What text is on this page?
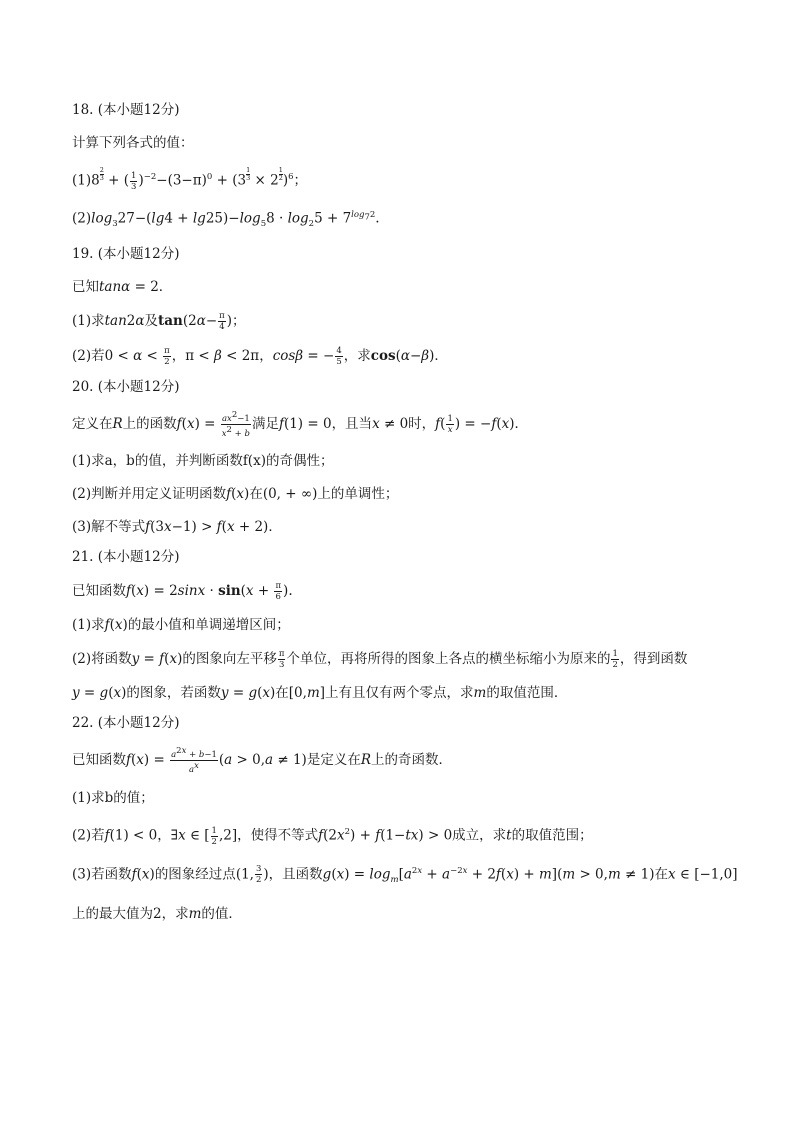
18. (本小题12分)
计算下列各式的值：
$(1)8 \frac{2}{3}$ + ( $\frac{1}{3} )^{-2}-(3-\pi)^0 + (3 \frac{1}{3} \times 2 \frac{1}{2} )^6$；
$(2)\log_327-(\lg 4 + \lg 25)-\log_58 \cdot \log_25 + 7^{log_72}$.
19. (本小题12分)
已知tanα = 2．
(1)求tan2α及$\tan(2\alpha- \frac{\pi}{4}$ )；
(2)若$0 < \alpha < \frac{\pi}{2}$ ，π < β < 2π，cosβ = − $\frac{4}{5}$ ，求cos(α−β)．
20. (本小题12分)
定义在R上的函数$f(x) = \frac{ax^2-1}{x^2 + b}$ 满足f(1) = 0，且当x ≠ 0时，$f( \frac{1}{x}$ ) = −f(x)．
(1)求a，b的值，并判断函数f(x)的奇偶性；
(2)判断并用定义证明函数f(x)在(0, + ∞)上的单调性；
(3)解不等式f(3x−1) > f(x + 2)．
21. (本小题12分)
已知函数$f(x) = 2\sin x \cdot \sin(x + \frac{\pi}{6}$ ).
(1)求f(x)的最小值和单调递增区间；
(2)将函数y = f(x)的图象向左平移 $\frac{\pi}{3}$ 个单位，再将所得的图象上各点的横坐标缩小为原来的 $\frac{1}{2}$ ，得到函数
y = g(x)的图象，若函数y = g(x)在[0,m]上有且仅有两个零点，求m的取值范围．
22. (本小题12分)
已知函数$f(x) = \frac{a^{2x} + b-1}{a^x} (a > 0,a \ne 1)$是定义在R上的奇函数．
(1)求b的值；
(2)若f(1) < 0，∃x ∈ [ $\frac{1}{2} ,2$]，使得不等式$f(2x^2) + f(1-tx) > 0$成立，求t的取值范围；
(3)若函数f(x)的图象经过点(1, $\frac{3}{2}$ )，且函数$g(x) = \log_m[a^{2x} + a^{-2x} + 2f(x) + m](m > 0,m \ne 1)$在x ∈ [−1,0]
上的最大值为2，求m的值．
